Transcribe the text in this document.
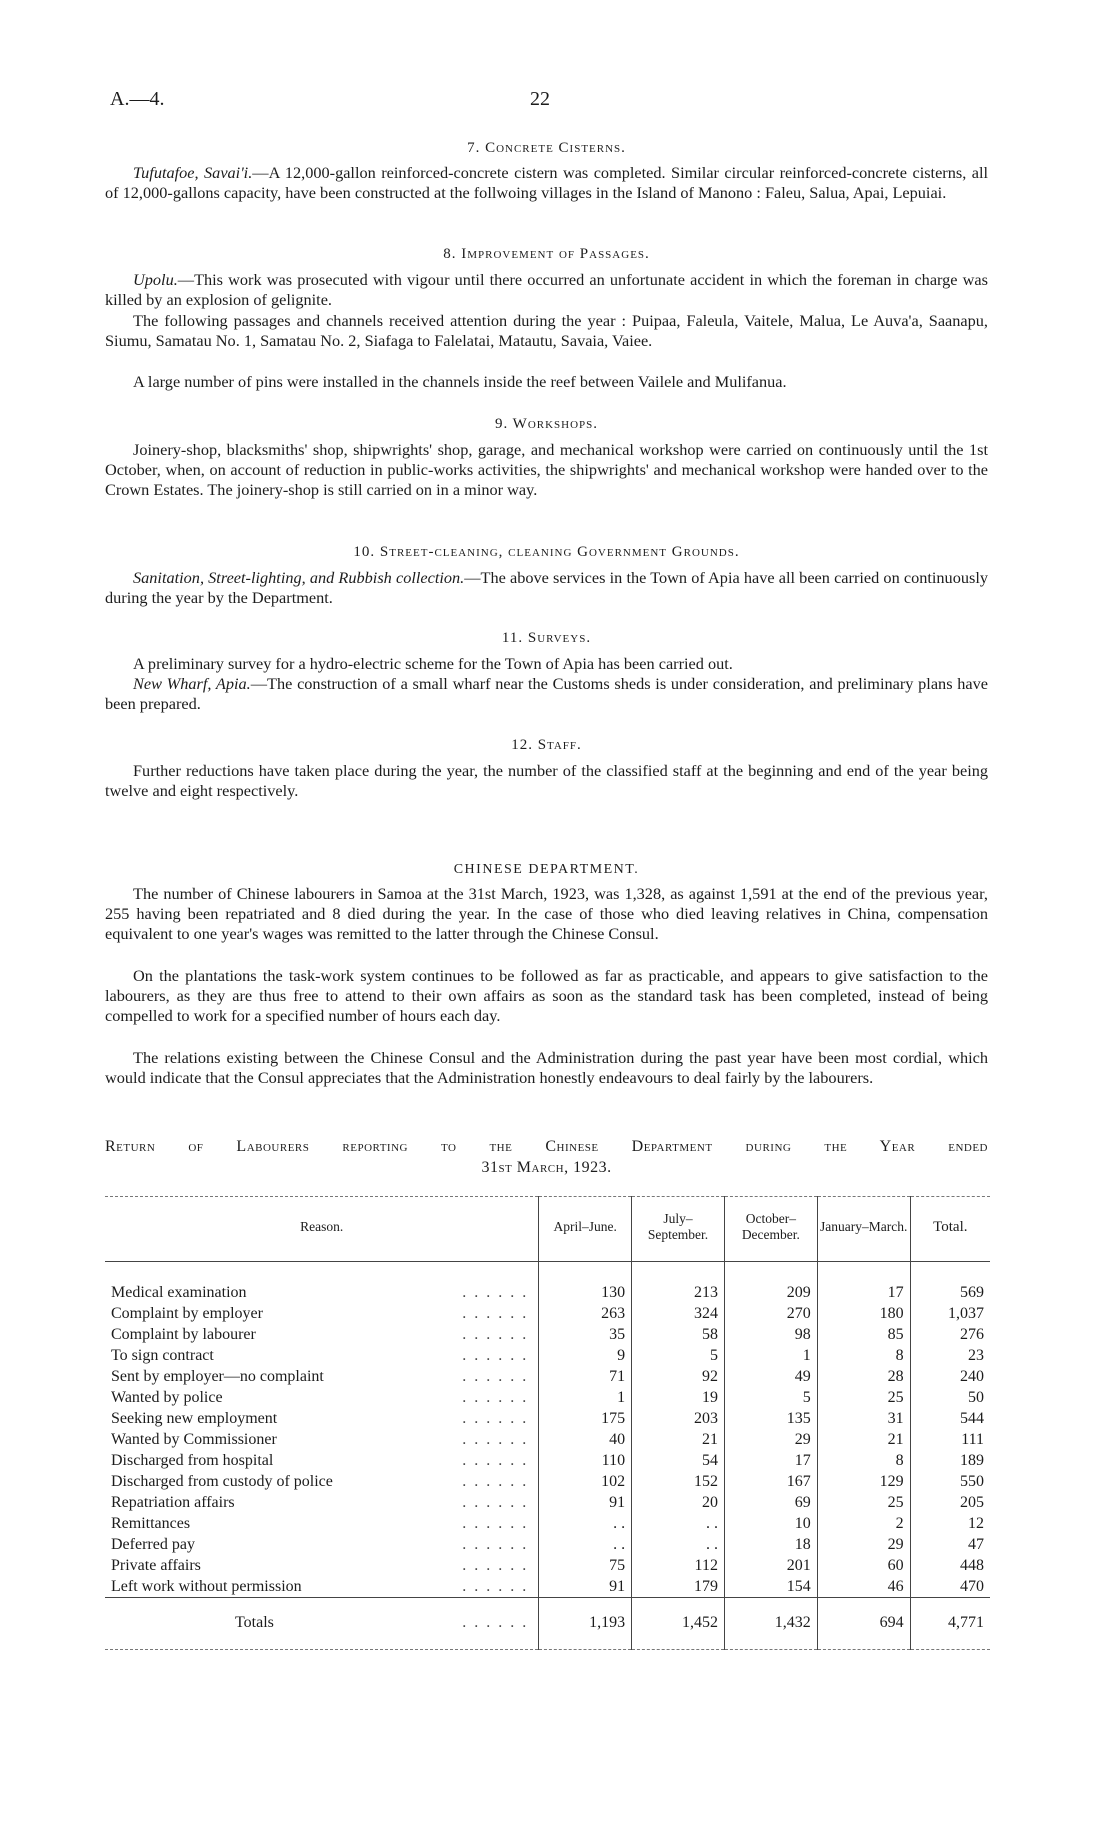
A.—4.	22
7. Concrete Cisterns.
Tufutafoe, Savai'i.—A 12,000-gallon reinforced-concrete cistern was completed. Similar circular reinforced-concrete cisterns, all of 12,000-gallons capacity, have been constructed at the follwoing villages in the Island of Manono : Faleu, Salua, Apai, Lepuiai.
8. Improvement of Passages.
Upolu.—This work was prosecuted with vigour until there occurred an unfortunate accident in which the foreman in charge was killed by an explosion of gelignite.
The following passages and channels received attention during the year : Puipaa, Faleula, Vaitele, Malua, Le Auva'a, Saanapu, Siumu, Samatau No. 1, Samatau No. 2, Siafaga to Falelatai, Matautu, Savaia, Vaiee.
A large number of pins were installed in the channels inside the reef between Vailele and Mulifanua.
9. Workshops.
Joinery-shop, blacksmiths' shop, shipwrights' shop, garage, and mechanical workshop were carried on continuously until the 1st October, when, on account of reduction in public-works activities, the shipwrights' and mechanical workshop were handed over to the Crown Estates. The joinery-shop is still carried on in a minor way.
10. Street-cleaning, cleaning Government Grounds.
Sanitation, Street-lighting, and Rubbish collection.—The above services in the Town of Apia have all been carried on continuously during the year by the Department.
11. Surveys.
A preliminary survey for a hydro-electric scheme for the Town of Apia has been carried out.
New Wharf, Apia.—The construction of a small wharf near the Customs sheds is under consideration, and preliminary plans have been prepared.
12. Staff.
Further reductions have taken place during the year, the number of the classified staff at the beginning and end of the year being twelve and eight respectively.
CHINESE DEPARTMENT.
The number of Chinese labourers in Samoa at the 31st March, 1923, was 1,328, as against 1,591 at the end of the previous year, 255 having been repatriated and 8 died during the year. In the case of those who died leaving relatives in China, compensation equivalent to one year's wages was remitted to the latter through the Chinese Consul.
On the plantations the task-work system continues to be followed as far as practicable, and appears to give satisfaction to the labourers, as they are thus free to attend to their own affairs as soon as the standard task has been completed, instead of being compelled to work for a specified number of hours each day.
The relations existing between the Chinese Consul and the Administration during the past year have been most cordial, which would indicate that the Consul appreciates that the Administration honestly endeavours to deal fairly by the labourers.
Return of Labourers reporting to the Chinese Department during the Year ended
31st March, 1923.
Reason.	April–June.	July–September.	October–December.	January–March.	Total.
Medical examination . . . . . .	130	213	209	17	569
Complaint by employer . . . . . .	263	324	270	180	1,037
Complaint by labourer . . . . . .	35	58	98	85	276
To sign contract . . . . . .	9	5	1	8	23
Sent by employer—no complaint . . . . . .	71	92	49	28	240
Wanted by police . . . . . .	1	19	5	25	50
Seeking new employment . . . . . .	175	203	135	31	544
Wanted by Commissioner . . . . . .	40	21	29	21	111
Discharged from hospital . . . . . .	110	54	17	8	189
Discharged from custody of police . . . . . .	102	152	167	129	550
Repatriation affairs . . . . . .	91	20	69	25	205
Remittances . . . . . .	. .	. .	10	2	12
Deferred pay . . . . . .	. .	. .	18	29	47
Private affairs . . . . . .	75	112	201	60	448
Left work without permission . . . . . .	91	179	154	46	470
Totals . . . . . .	1,193	1,452	1,432	694	4,771
